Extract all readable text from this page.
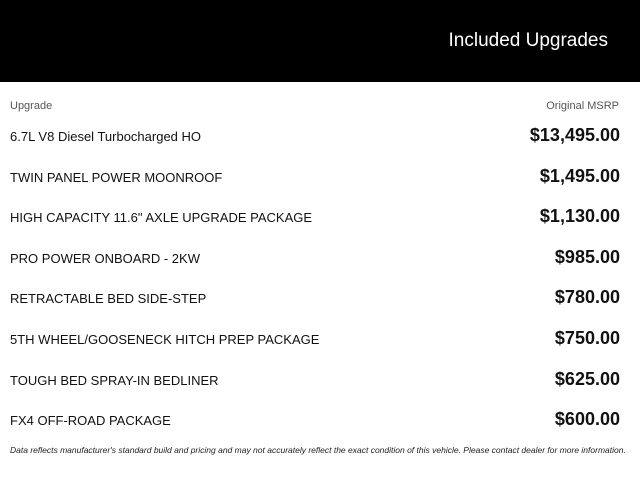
Included Upgrades
Upgrade	Original MSRP
6.7L V8 Diesel Turbocharged HO	$13,495.00
TWIN PANEL POWER MOONROOF	$1,495.00
HIGH CAPACITY 11.6" AXLE UPGRADE PACKAGE	$1,130.00
PRO POWER ONBOARD - 2KW	$985.00
RETRACTABLE BED SIDE-STEP	$780.00
5TH WHEEL/GOOSENECK HITCH PREP PACKAGE	$750.00
TOUGH BED SPRAY-IN BEDLINER	$625.00
FX4 OFF-ROAD PACKAGE	$600.00
Data reflects manufacturer's standard build and pricing and may not accurately reflect the exact condition of this vehicle. Please contact dealer for more information.
